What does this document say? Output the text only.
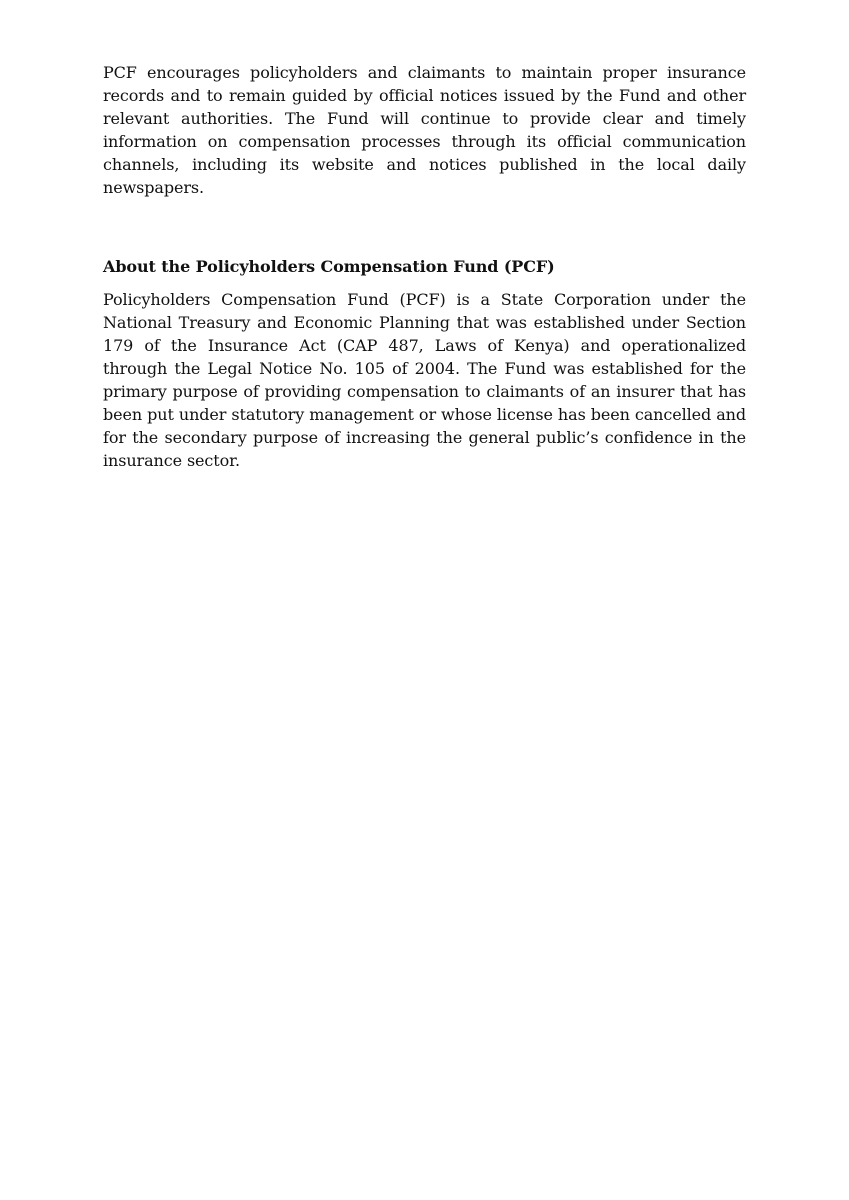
PCF encourages policyholders and claimants to maintain proper insurance records and to remain guided by official notices issued by the Fund and other relevant authorities. The Fund will continue to provide clear and timely information on compensation processes through its official communication channels, including its website and notices published in the local daily newspapers.

About the Policyholders Compensation Fund (PCF)

Policyholders Compensation Fund (PCF) is a State Corporation under the National Treasury and Economic Planning that was established under Section 179 of the Insurance Act (CAP 487, Laws of Kenya) and operationalized through the Legal Notice No. 105 of 2004. The Fund was established for the primary purpose of providing compensation to claimants of an insurer that has been put under statutory management or whose license has been cancelled and for the secondary purpose of increasing the general public’s confidence in the insurance sector.
